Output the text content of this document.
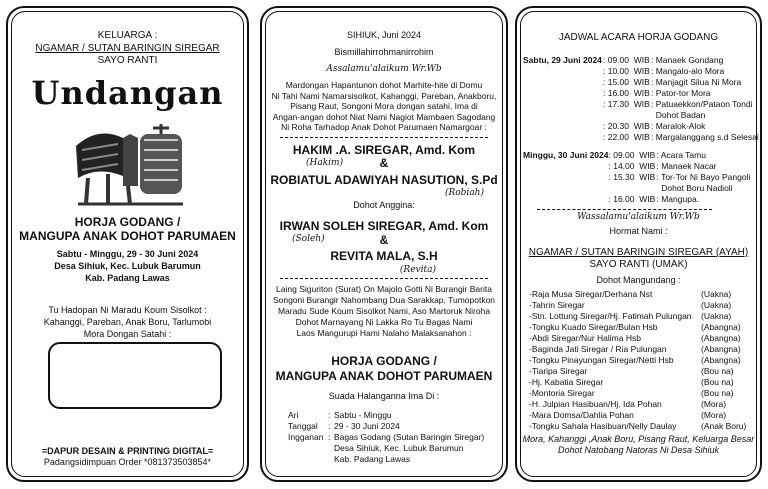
KELUARGA :
NGAMAR / SUTAN BARINGIN SIREGAR
SAYO RANTI
Undangan
HORJA GODANG /
MANGUPA ANAK DOHOT PARUMAEN
Sabtu - Minggu, 29 - 30 Juni 2024
Desa Sihiuk, Kec. Lubuk Barumun
Kab. Padang Lawas
Tu Hadopan Ni Maradu Koum Sisolkot :
Kahanggi, Pareban, Anak Boru, Tarlumobi
Mora Dongan Satahi :
=DAPUR DESAIN & PRINTING DIGITAL=
Padangsidimpuan Order *081373503854*
SIHIUK, Juni 2024
Bismillahirrohmanirrohim
Assalamu'alaikum Wr.Wb
Mardongan Hapantunon dohot Marhite-hite di Domu
Ni Tahi Nami Namarsisolkot, Kahanggi, Pareban, Anakboru,
Pisang Raut, Songoni Mora dongan satahi, Ima di
Angan-angan dohot Niat Nami Nagiot Mambaen Sagodang
Ni Roha Tarhadop Anak Dohot Parumaen Namargoar :
HAKIM .A. SIREGAR, Amd. Kom
(Hakim)	&
ROBIATUL ADAWIYAH NASUTION, S.Pd
(Robiah)
Dohot Anggina:
IRWAN SOLEH SIREGAR, Amd. Kom
(Soleh)	&
REVITA MALA, S.H
(Revita)
Laing Siguriton (Surat) On Majolo Gotti Ni Burangir Barita
Songoni Burangir Nahombang Dua Sarakkap, Tumopotkon
Maradu Sude Koum Sisolkot Nami, Aso Martoruk Niroha
Dohot Marnayang Ni Lakka Ro Tu Bagas Nami
Laos Mangurupi Hami Nalaho Malaksanahon :
HORJA GODANG /
MANGUPA ANAK DOHOT PARUMAEN
Suada Halanganna Ima Di :
Ari	:	Sabtu - Minggu
Tanggal	:	29 - 30 Juni 2024
Ingganan	:	Bagas Godang (Sutan Baringin Siregar)
		Desa Sihiuk, Kec. Lubuk Barumun
		Kab. Padang Lawas
JADWAL ACARA HORJA GODANG
Sabtu, 29 Juni 2024	: 09.00  WIB	: Manaek Gondang
	: 10.00  WIB	: Mangalo-alo Mora
	: 15.00  WIB	: Manjagit Silua Ni Mora
	: 16.00  WIB	: Pator-tor Mora
	: 17.30  WIB	: Patuaekkon/Pataon Tondi
		Dohot Badan
	: 20.30  WIB	: Maralok-Alok
	: 22.00  WIB	: Margalanggang s.d Selesai
Minggu, 30 Juni 2024	: 09.00  WIB	: Acara Tamu
	: 14.00  WIB	: Manaek Nacar
	: 15.30  WIB	: Tor-Tor Ni Bayo Pangoli
		Dohot Boru Nadioli
	: 16.00  WIB	: Mangupa.
Wassalamu'alaikum Wr.Wb
Hormat Nami :
NGAMAR / SUTAN BARINGIN SIREGAR (AYAH)
SAYO RANTI (UMAK)
Dohot Mangundang :
-Raja Musa Siregar/Derhana Nst	(Uakna)
-Tahrin Siregar	(Uakna)
-Stn. Lottung Siregar/Hj. Fatimah Pulungan	(Uakna)
-Tongku Kuado Siregar/Bulan Hsb	(Abangna)
-Abdi Siregar/Nur Halima Hsb	(Abangna)
-Baginda Jati Siregar / Ria Pulungan	(Abangna)
-Tongku Pinayungan Siregar/Netti Hsb	(Abangna)
-Tiaripa Siregar	(Bou na)
-Hj. Kabatia Siregar	(Bou na)
-Montoria Siregar	(Bou na)
-H. Julpian Hasibuan/Hj. Ida Pohan	(Mora)
-Mara Domsa/Dahlia Pohan	(Mora)
-Tongku Sahala Hasibuan/Nelly Daulay	(Anak Boru)
Mora, Kahanggi ,Anak Boru, Pisang Raut, Keluarga Besar
Dohot Natobang Natoras Ni Desa Sihiuk
